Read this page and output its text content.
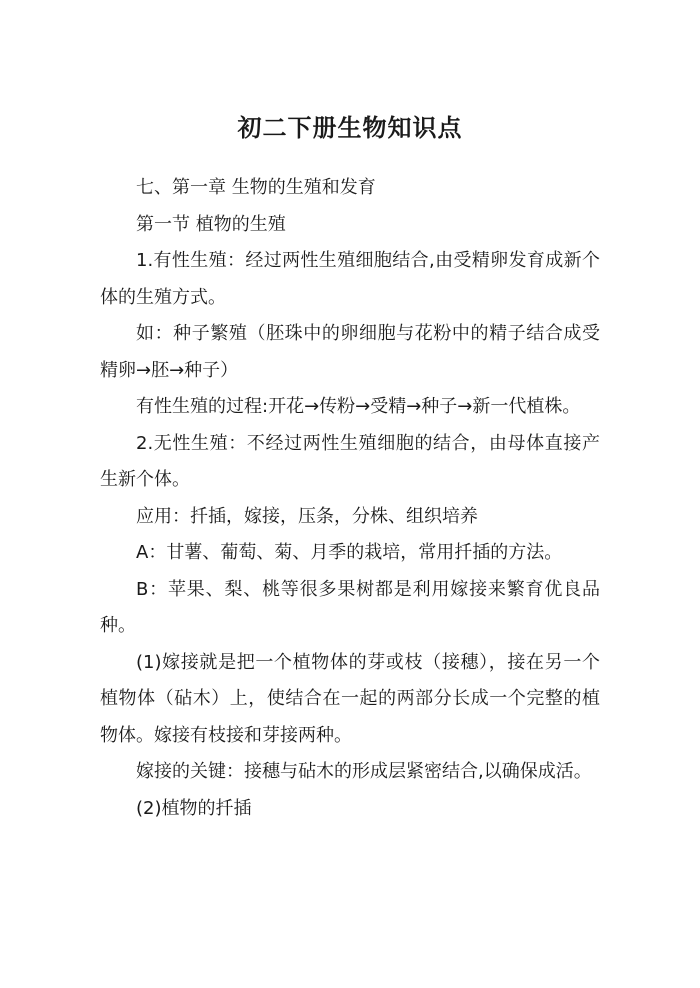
初二下册生物知识点

七、第一章 生物的生殖和发育

第一节 植物的生殖

1.有性生殖：经过两性生殖细胞结合,由受精卵发育成新个体的生殖方式。

如：种子繁殖（胚珠中的卵细胞与花粉中的精子结合成受精卵→胚→种子）

有性生殖的过程:开花→传粉→受精→种子→新一代植株。

2.无性生殖：不经过两性生殖细胞的结合，由母体直接产生新个体。

应用：扦插，嫁接，压条，分株、组织培养

A：甘薯、葡萄、菊、月季的栽培，常用扦插的方法。

B：苹果、梨、桃等很多果树都是利用嫁接来繁育优良品种。

(1)嫁接就是把一个植物体的芽或枝（接穗），接在另一个植物体（砧木）上，使结合在一起的两部分长成一个完整的植物体。嫁接有枝接和芽接两种。

嫁接的关键：接穗与砧木的形成层紧密结合,以确保成活。

(2)植物的扦插
